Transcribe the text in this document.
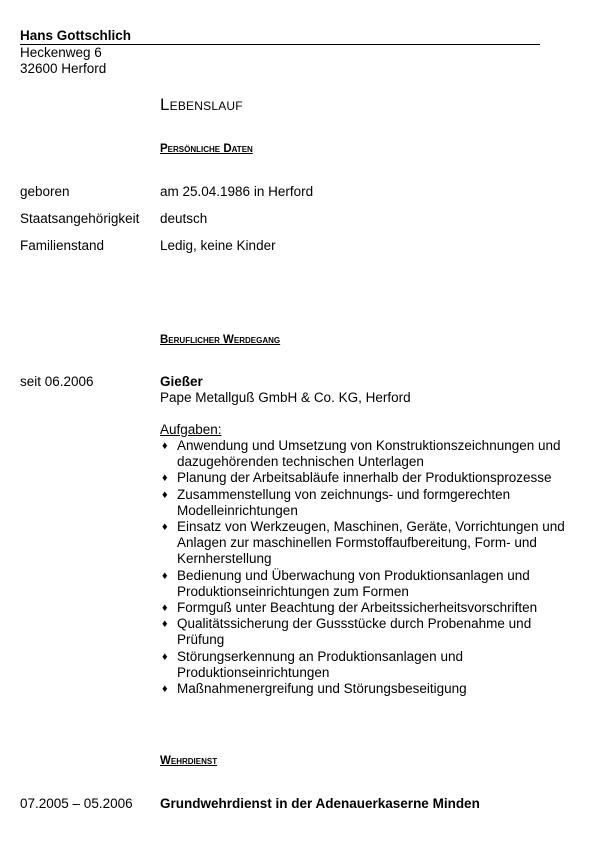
Hans Gottschlich
Heckenweg 6
32600 Herford
Lebenslauf
Persönliche Daten
geboren	am 25.04.1986 in Herford
Staatsangehörigkeit deutsch
Familienstand	Ledig, keine Kinder
Beruflicher Werdegang
seit 06.2006	Gießer
Pape Metallguß GmbH & Co. KG, Herford
Aufgaben:
♦ Anwendung und Umsetzung von Konstruktionszeichnungen und dazugehörenden technischen Unterlagen
♦ Planung der Arbeitsabläufe innerhalb der Produktionsprozesse
♦ Zusammenstellung von zeichnungs- und formgerechten Modelleinrichtungen
♦ Einsatz von Werkzeugen, Maschinen, Geräte, Vorrichtungen und Anlagen zur maschinellen Formstoffaufbereitung, Form- und Kernherstellung
♦ Bedienung und Überwachung von Produktionsanlagen und Produktionseinrichtungen zum Formen
♦ Formguß unter Beachtung der Arbeitssicherheitsvorschriften
♦ Qualitätssicherung der Gussstücke durch Probenahme und Prüfung
♦ Störungserkennung an Produktionsanlagen und Produktionseinrichtungen
♦ Maßnahmenergreifung und Störungsbeseitigung
Wehrdienst
07.2005 – 05.2006 Grundwehrdienst in der Adenauerkaserne Minden
